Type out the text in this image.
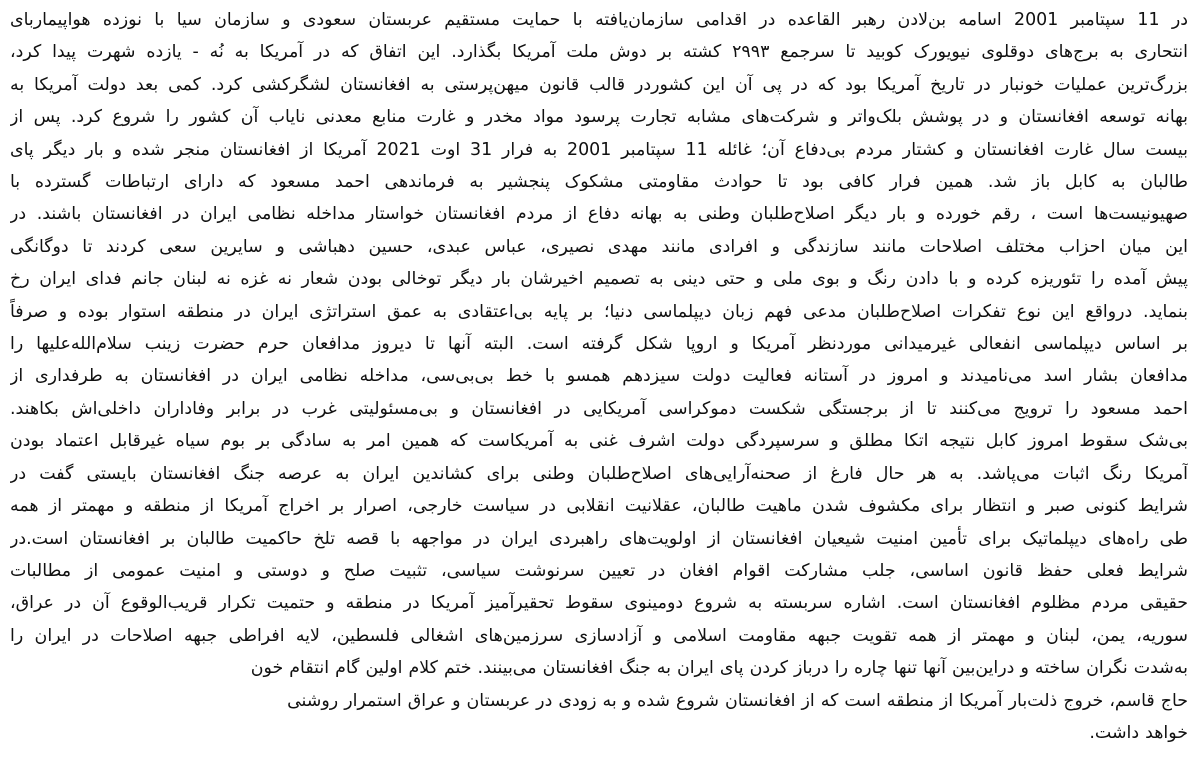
در 11 سپتامبر 2001 اسامه بن‌لادن رهبر القاعده در اقدامی سازمان‌یافته با حمایت مستقیم عربستان سعودی و سازمان سیا با نوزده هواپیماربای
انتحاری به برج‌های دوقلوی نیویورک کوبید تا سرجمع ۲۹۹۳ کشته بر دوش ملت آمریکا بگذارد. این اتفاق که در آمریکا به نُه - یازده شهرت پیدا کرد،
بزرگ‌ترین عملیات خونبار در تاریخ آمریکا بود که در پی آن این کشوردر قالب قانون میهن‌پرستی به افغانستان لشگرکشی کرد. کمی بعد دولت آمریکا به
بهانه توسعه افغانستان و در پوشش بلک‌واتر و شرکت‌های مشابه تجارت پرسود مواد مخدر و غارت منابع معدنی نایاب آن کشور را شروع کرد. پس از
بیست سال غارت افغانستان و کشتار مردم بی‌دفاع آن؛ غائله 11 سپتامبر 2001 به فرار 31 اوت 2021 آمریکا از افغانستان منجر شده و بار دیگر پای
طالبان به کابل باز شد. همین فرار کافی بود تا حوادث مقاومتی مشکوک پنجشیر به فرماندهی احمد مسعود که دارای ارتباطات گسترده با
صهیونیست‌ها است ، رقم خورده و بار دیگر اصلاح‌طلبان وطنی به بهانه دفاع از مردم افغانستان خواستار مداخله نظامی ایران در افغانستان باشند. در
این میان احزاب مختلف اصلاحات مانند سازندگی و افرادی مانند مهدی نصیری، عباس عبدی، حسین دهباشی و سایرین سعی کردند تا دوگانگی
پیش آمده را تئوریزه کرده و با دادن رنگ و بوی ملی و حتی دینی به تصمیم اخیرشان بار دیگر توخالی بودن شعار نه غزه نه لبنان جانم فدای ایران رخ
بنماید. درواقع این نوع تفکرات اصلاح‌طلبان مدعی فهم زبان دیپلماسی دنیا؛ بر پایه بی‌اعتقادی به عمق استراتژی ایران در منطقه استوار بوده و صرفاً
بر اساس دیپلماسی انفعالی غیرمیدانی موردنظر آمریکا و اروپا شکل گرفته است. البته آنها تا دیروز مدافعان حرم حضرت زینب سلام‌الله‌علیها را
مدافعان بشار اسد می‌نامیدند و امروز در آستانه فعالیت دولت سیزدهم همسو با خط بی‌بی‌سی، مداخله نظامی ایران در افغانستان به طرفداری از
احمد مسعود را ترویج می‌کنند تا از برجستگی شکست دموکراسی آمریکایی در افغانستان و بی‌مسئولیتی غرب در برابر وفاداران داخلی‌اش بکاهند.
بی‌شک سقوط امروز کابل نتیجه اتکا مطلق و سرسپردگی دولت اشرف غنی به آمریکاست که همین امر به سادگی بر بوم سیاه غیرقابل اعتماد بودن
آمریکا رنگ اثبات می‌پاشد. به هر حال فارغ از صحنه‌آرایی‌های اصلاح‌طلبان وطنی برای کشاندین ایران به عرصه جنگ افغانستان بایستی گفت در
شرایط کنونی صبر و انتظار برای مکشوف شدن ماهیت طالبان، عقلانیت انقلابی در سیاست خارجی، اصرار بر اخراج آمریکا از منطقه و مهمتر از همه
طی راه‌های دیپلماتیک برای تأمین امنیت شیعیان افغانستان از اولویت‌های راهبردی ایران در مواجهه با قصه تلخ حاکمیت طالبان بر افغانستان است.در
شرایط فعلی حفظ قانون اساسی، جلب مشارکت اقوام افغان در تعیین سرنوشت سیاسی، تثبیت صلح و دوستی و امنیت عمومی از مطالبات
حقیقی مردم مظلوم افغانستان است. اشاره سربسته به شروع دومینوی سقوط تحقیرآمیز آمریکا در منطقه و حتمیت تکرار قریب‌الوقوع آن در عراق،
سوریه، یمن، لبنان و مهمتر از همه تقویت جبهه مقاومت اسلامی و آزادسازی سرزمین‌های اشغالی فلسطین، لایه افراطی جبهه اصلاحات در ایران را
به‌شدت نگران ساخته و دراین‌بین آنها تنها چاره را درباز کردن پای ایران به جنگ افغانستان می‌بینند. ختم کلام اولین گام انتقام خون
حاج قاسم، خروج ذلت‌بار آمریکا از منطقه است که از افغانستان شروع شده و به زودی در عربستان و عراق استمرار روشنی
خواهد داشت.
